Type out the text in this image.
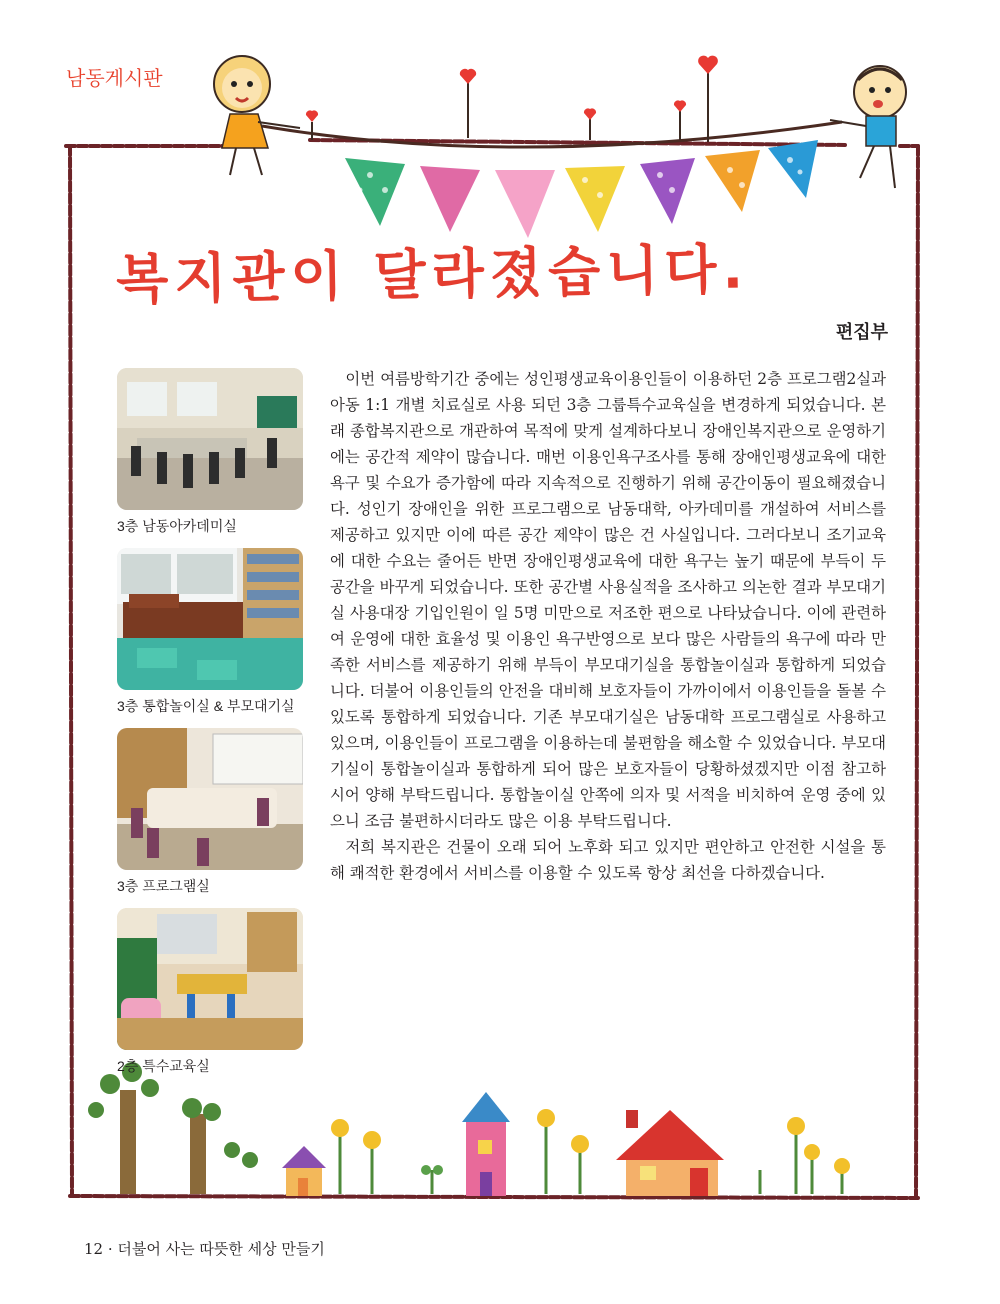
남동게시판
복지관이 달라졌습니다.
편집부
3층 남동아카데미실
3층 통합놀이실 & 부모대기실
3층 프로그램실
2층 특수교육실

이번 여름방학기간 중에는 성인평생교육이용인들이 이용하던 2층 프로그램2실과 아동 1:1 개별 치료실로 사용 되던 3층 그룹특수교육실을 변경하게 되었습니다. 본래 종합복지관으로 개관하여 목적에 맞게 설계하다보니 장애인복지관으로 운영하기에는 공간적 제약이 많습니다. 매번 이용인욕구조사를 통해 장애인평생교육에 대한 욕구 및 수요가 증가함에 따라 지속적으로 진행하기 위해 공간이동이 필요해졌습니다. 성인기 장애인을 위한 프로그램으로 남동대학, 아카데미를 개설하여 서비스를 제공하고 있지만 이에 따른 공간 제약이 많은 건 사실입니다. 그러다보니 조기교육에 대한 수요는 줄어든 반면 장애인평생교육에 대한 욕구는 높기 때문에 부득이 두 공간을 바꾸게 되었습니다. 또한 공간별 사용실적을 조사하고 의논한 결과 부모대기실 사용대장 기입인원이 일 5명 미만으로 저조한 편으로 나타났습니다. 이에 관련하여 운영에 대한 효율성 및 이용인 욕구반영으로 보다 많은 사람들의 욕구에 따라 만족한 서비스를 제공하기 위해 부득이 부모대기실을 통합놀이실과 통합하게 되었습니다. 더불어 이용인들의 안전을 대비해 보호자들이 가까이에서 이용인들을 돌볼 수 있도록 통합하게 되었습니다. 기존 부모대기실은 남동대학 프로그램실로 사용하고 있으며, 이용인들이 프로그램을 이용하는데 불편함을 해소할 수 있었습니다. 부모대기실이 통합놀이실과 통합하게 되어 많은 보호자들이 당황하셨겠지만 이점 참고하시어 양해 부탁드립니다. 통합놀이실 안쪽에 의자 및 서적을 비치하여 운영 중에 있으니 조금 불편하시더라도 많은 이용 부탁드립니다.

저희 복지관은 건물이 오래 되어 노후화 되고 있지만 편안하고 안전한 시설을 통해 쾌적한 환경에서 서비스를 이용할 수 있도록 항상 최선을 다하겠습니다.

12 · 더불어 사는 따뜻한 세상 만들기
